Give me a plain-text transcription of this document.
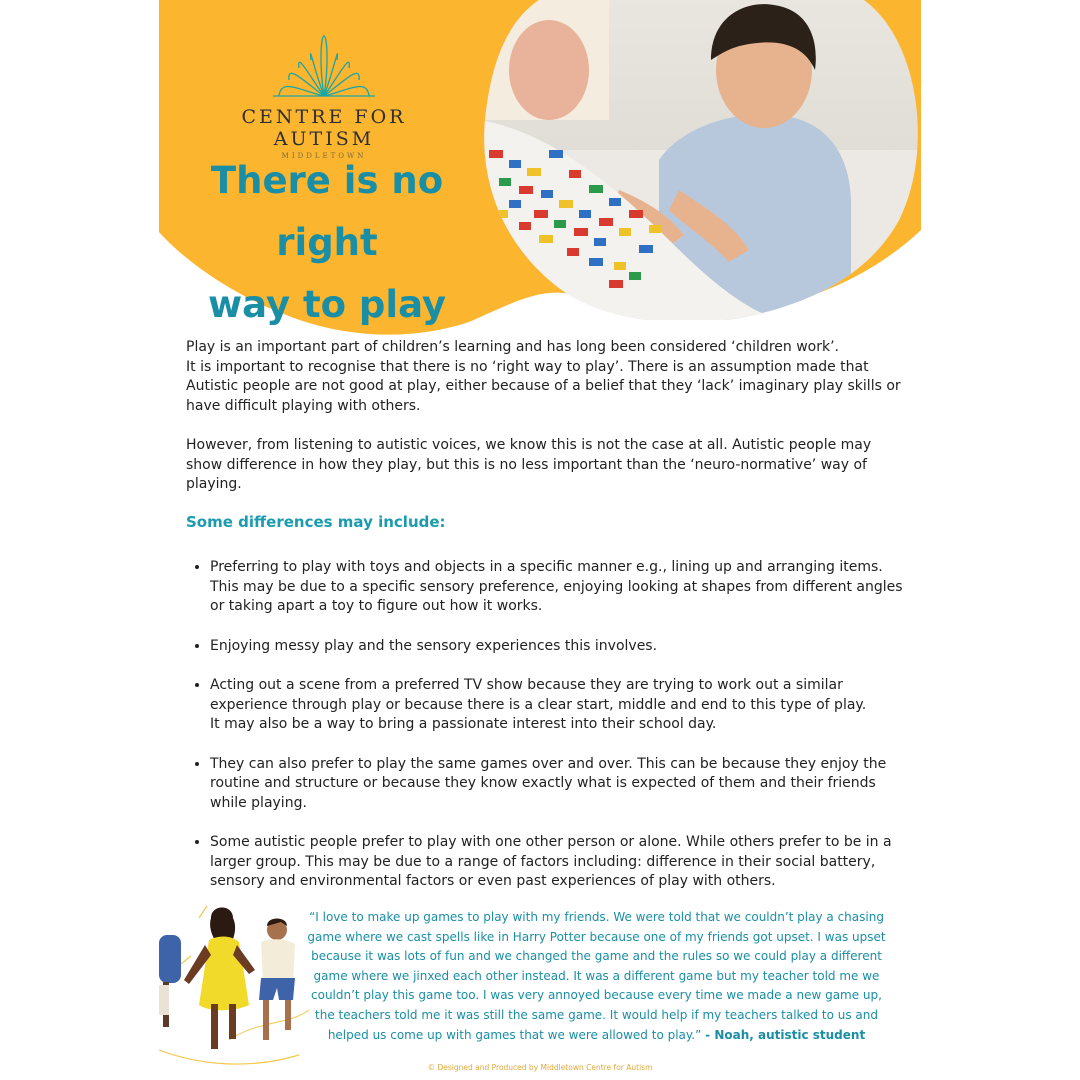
CENTRE FOR AUTISM
MIDDLETOWN
There is no right
way to play

Play is an important part of children’s learning and has long been considered ‘children work’.
It is important to recognise that there is no ‘right way to play’. There is an assumption made that Autistic people are not good at play, either because of a belief that they ‘lack’ imaginary play skills or have difficult playing with others.

However, from listening to autistic voices, we know this is not the case at all. Autistic people may show difference in how they play, but this is no less important than the ‘neuro-normative’ way of playing.

Some differences may include:
• Preferring to play with toys and objects in a specific manner e.g., lining up and arranging items. This may be due to a specific sensory preference, enjoying looking at shapes from different angles or taking apart a toy to figure out how it works.
• Enjoying messy play and the sensory experiences this involves.
• Acting out a scene from a preferred TV show because they are trying to work out a similar experience through play or because there is a clear start, middle and end to this type of play.
It may also be a way to bring a passionate interest into their school day.
• They can also prefer to play the same games over and over. This can be because they enjoy the routine and structure or because they know exactly what is expected of them and their friends while playing.
• Some autistic people prefer to play with one other person or alone. While others prefer to be in a larger group. This may be due to a range of factors including: difference in their social battery, sensory and environmental factors or even past experiences of play with others.
“I love to make up games to play with my friends. We were told that we couldn’t play a chasing game where we cast spells like in Harry Potter because one of my friends got upset. I was upset because it was lots of fun and we changed the game and the rules so we could play a different game where we jinxed each other instead. It was a different game but my teacher told me we couldn’t play this game too. I was very annoyed because every time we made a new game up, the teachers told me it was still the same game. It would help if my teachers talked to us and helped us come up with games that we were allowed to play.” - Noah, autistic student
© Designed and Produced by Middletown Centre for Autism
